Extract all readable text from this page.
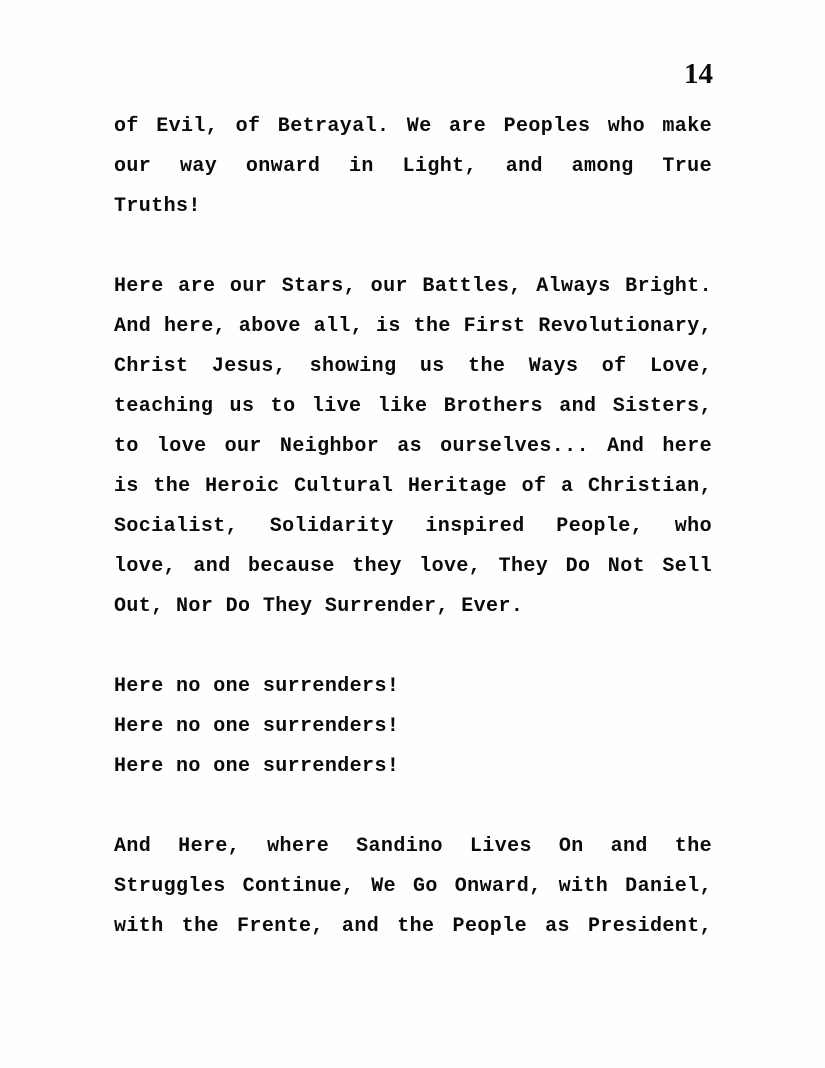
14
of Evil, of Betrayal. We are Peoples who make
our way onward in Light, and among True
Truths!
Here are our Stars, our Battles, Always Bright.
And here, above all, is the First Revolutionary,
Christ Jesus, showing us the Ways of Love,
teaching us to live like Brothers and Sisters,
to love our Neighbor as ourselves... And here
is the Heroic Cultural Heritage of a Christian,
Socialist, Solidarity inspired People, who
love, and because they love, They Do Not Sell
Out, Nor Do They Surrender, Ever.
Here no one surrenders!
Here no one surrenders!
Here no one surrenders!
And Here, where Sandino Lives On and the
Struggles Continue, We Go Onward, with Daniel,
with the Frente, and the People as President,
